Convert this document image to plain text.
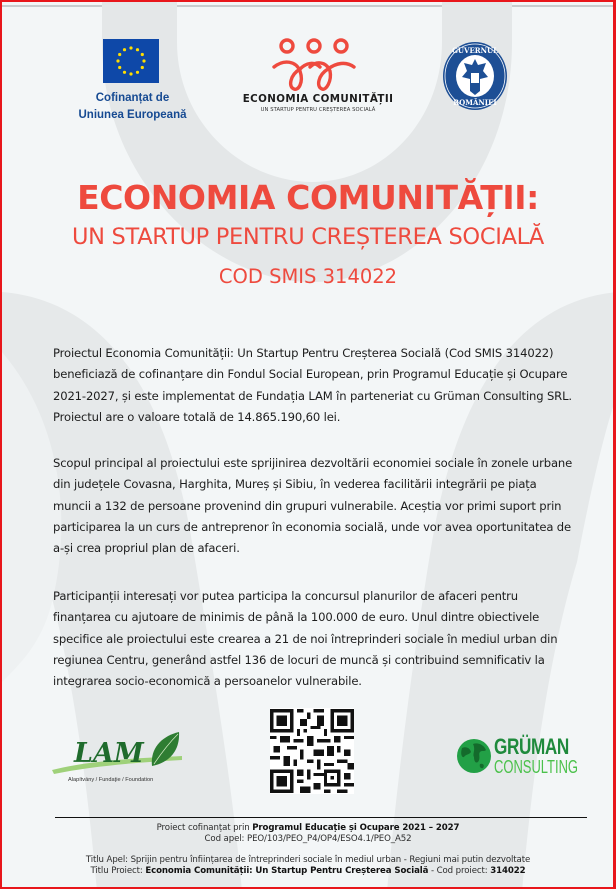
Cofinanțat de
Uniunea Europeană
ECONOMIA COMUNITĂȚII
UN STARTUP PENTRU CREȘTEREA SOCIALĂ
GUVERNUL
ROMÂNIEI
ECONOMIA COMUNITĂȚII:
UN STARTUP PENTRU CREȘTEREA SOCIALĂ
COD SMIS 314022

Proiectul Economia Comunității: Un Startup Pentru Creșterea Socială (Cod SMIS 314022) beneficiază de cofinanțare din Fondul Social European, prin Programul Educație și Ocupare 2021-2027, și este implementat de Fundația LAM în parteneriat cu Grüman Consulting SRL. Proiectul are o valoare totală de 14.865.190,60 lei.

Scopul principal al proiectului este sprijinirea dezvoltării economiei sociale în zonele urbane din județele Covasna, Harghita, Mureș și Sibiu, în vederea facilitării integrării pe piața muncii a 132 de persoane provenind din grupuri vulnerabile. Aceștia vor primi suport prin participarea la un curs de antreprenor în economia socială, unde vor avea oportunitatea de a-și crea propriul plan de afaceri.

Participanții interesați vor putea participa la concursul planurilor de afaceri pentru finanțarea cu ajutoare de minimis de până la 100.000 de euro. Unul dintre obiectivele specifice ale proiectului este crearea a 21 de noi întreprinderi sociale în mediul urban din regiunea Centru, generând astfel 136 de locuri de muncă și contribuind semnificativ la integrarea socio-economică a persoanelor vulnerabile.

LAM
Alapítvány / Fundaţie / Foundation
GRÜMAN
CONSULTING
Proiect cofinanțat prin Programul Educație și Ocupare 2021 – 2027
Cod apel: PEO/103/PEO_P4/OP4/ESO4.1/PEO_A52
Titlu Apel: Sprijin pentru înființarea de întreprinderi sociale în mediul urban - Regiuni mai putin dezvoltate
Titlu Proiect: Economia Comunității: Un Startup Pentru Creșterea Socială - Cod proiect: 314022
